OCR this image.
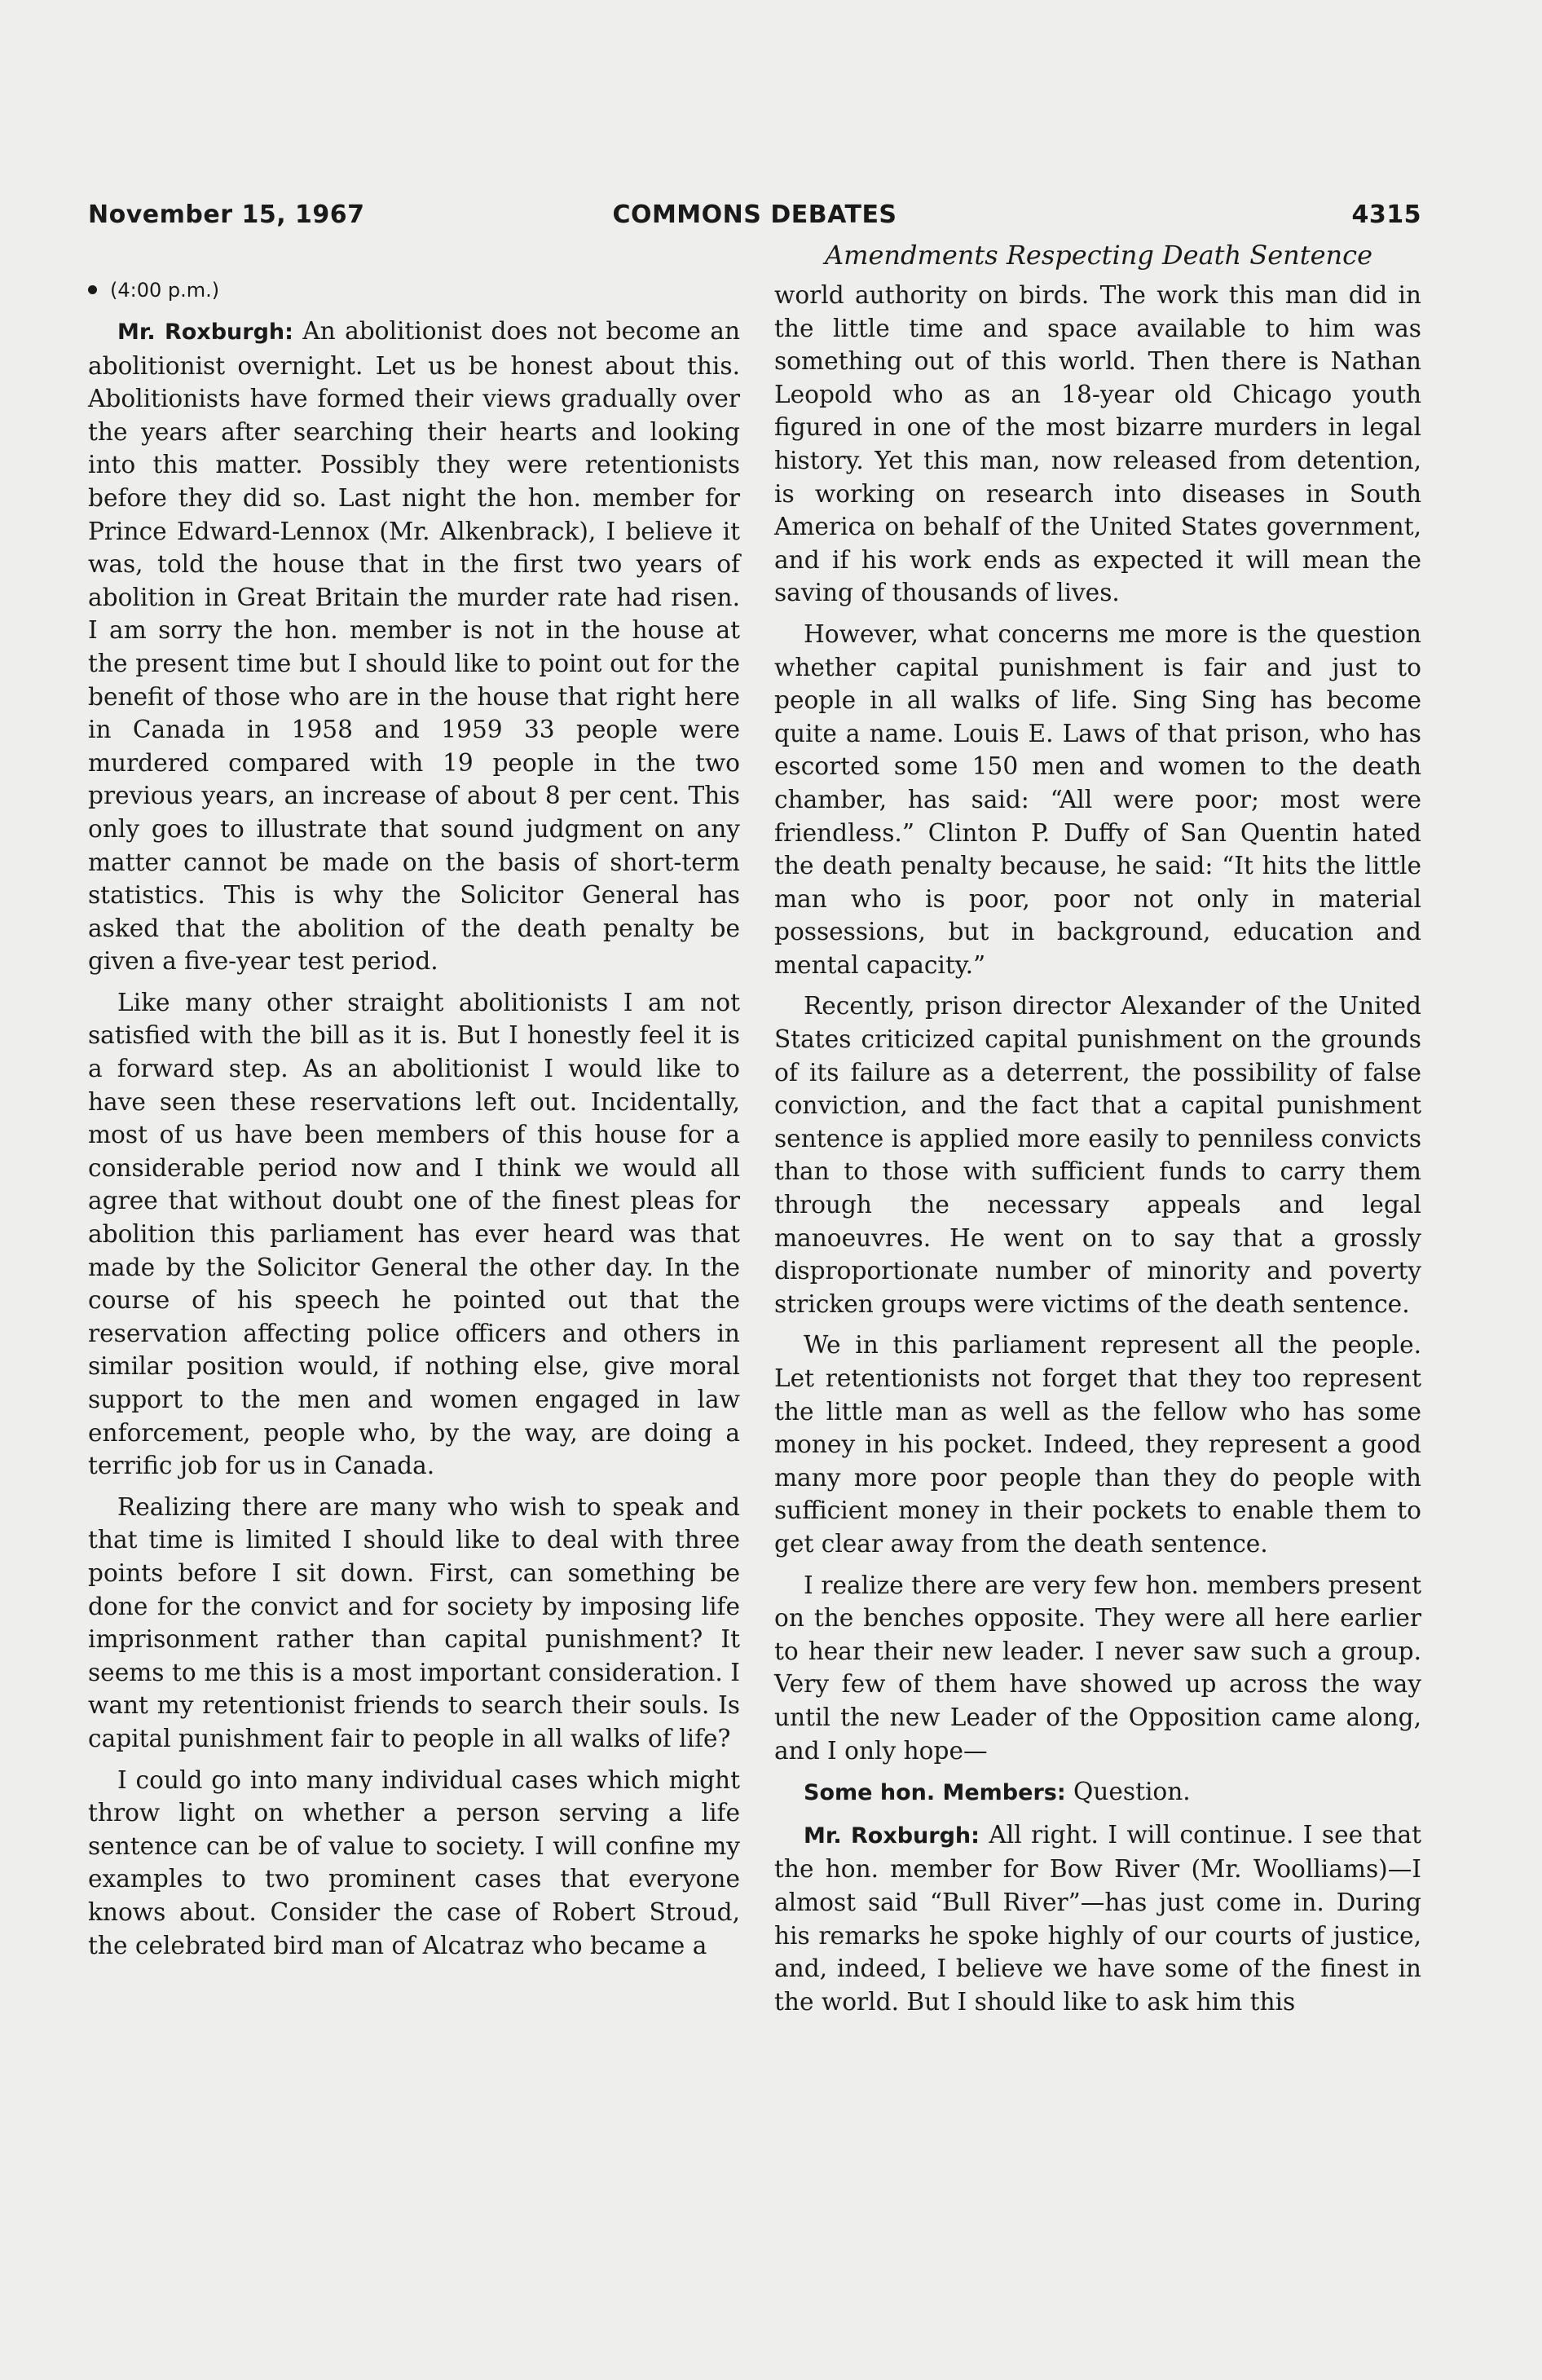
November 15, 1967	COMMONS DEBATES	4315
Amendments Respecting Death Sentence

(4:00 p.m.)

Mr. Roxburgh: An abolitionist does not become an abolitionist overnight. Let us be honest about this. Abolitionists have formed their views gradually over the years after searching their hearts and looking into this matter. Possibly they were retentionists before they did so. Last night the hon. member for Prince Edward-Lennox (Mr. Alkenbrack), I believe it was, told the house that in the first two years of abolition in Great Britain the murder rate had risen. I am sorry the hon. member is not in the house at the present time but I should like to point out for the benefit of those who are in the house that right here in Canada in 1958 and 1959 33 people were murdered compared with 19 people in the two previous years, an increase of about 8 per cent. This only goes to illustrate that sound judgment on any matter cannot be made on the basis of short-term statistics. This is why the Solicitor General has asked that the abolition of the death penalty be given a five-year test period.

Like many other straight abolitionists I am not satisfied with the bill as it is. But I honestly feel it is a forward step. As an abolitionist I would like to have seen these reservations left out. Incidentally, most of us have been members of this house for a considerable period now and I think we would all agree that without doubt one of the finest pleas for abolition this parliament has ever heard was that made by the Solicitor General the other day. In the course of his speech he pointed out that the reservation affecting police officers and others in similar position would, if nothing else, give moral support to the men and women engaged in law enforcement, people who, by the way, are doing a terrific job for us in Canada.

Realizing there are many who wish to speak and that time is limited I should like to deal with three points before I sit down. First, can something be done for the convict and for society by imposing life imprisonment rather than capital punishment? It seems to me this is a most important consideration. I want my retentionist friends to search their souls. Is capital punishment fair to people in all walks of life?

I could go into many individual cases which might throw light on whether a person serving a life sentence can be of value to society. I will confine my examples to two prominent cases that everyone knows about. Consider the case of Robert Stroud, the celebrated bird man of Alcatraz who became a

world authority on birds. The work this man did in the little time and space available to him was something out of this world. Then there is Nathan Leopold who as an 18-year old Chicago youth figured in one of the most bizarre murders in legal history. Yet this man, now released from detention, is working on research into diseases in South America on behalf of the United States government, and if his work ends as expected it will mean the saving of thousands of lives.

However, what concerns me more is the question whether capital punishment is fair and just to people in all walks of life. Sing Sing has become quite a name. Louis E. Laws of that prison, who has escorted some 150 men and women to the death chamber, has said: “All were poor; most were friendless.” Clinton P. Duffy of San Quentin hated the death penalty because, he said: “It hits the little man who is poor, poor not only in material possessions, but in background, education and mental capacity.”

Recently, prison director Alexander of the United States criticized capital punishment on the grounds of its failure as a deterrent, the possibility of false conviction, and the fact that a capital punishment sentence is applied more easily to penniless convicts than to those with sufficient funds to carry them through the necessary appeals and legal manoeuvres. He went on to say that a grossly disproportionate number of minority and poverty stricken groups were victims of the death sentence.

We in this parliament represent all the people. Let retentionists not forget that they too represent the little man as well as the fellow who has some money in his pocket. Indeed, they represent a good many more poor people than they do people with sufficient money in their pockets to enable them to get clear away from the death sentence.

I realize there are very few hon. members present on the benches opposite. They were all here earlier to hear their new leader. I never saw such a group. Very few of them have showed up across the way until the new Leader of the Opposition came along, and I only hope—

Some hon. Members: Question.

Mr. Roxburgh: All right. I will continue. I see that the hon. member for Bow River (Mr. Woolliams)—I almost said “Bull River”—has just come in. During his remarks he spoke highly of our courts of justice, and, indeed, I believe we have some of the finest in the world. But I should like to ask him this
